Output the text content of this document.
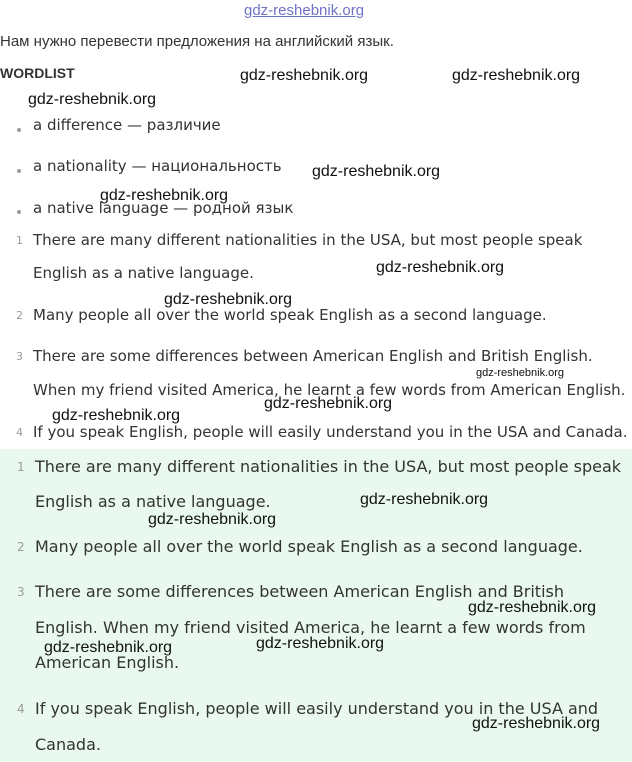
gdz-reshebnik.org
Нам нужно перевести предложения на английский язык.
WORDLIST
a difference — различие
a nationality — национальность
a native language — родной язык
1 There are many different nationalities in the USA, but most people speak
English as a native language.
2 Many people all over the world speak English as a second language.
3 There are some differences between American English and British English.
When my friend visited America, he learnt a few words from American English.
4 If you speak English, people will easily understand you in the USA and Canada.
1 There are many different nationalities in the USA, but most people speak
English as a native language.
2 Many people all over the world speak English as a second language.
3 There are some differences between American English and British
English. When my friend visited America, he learnt a few words from
American English.
4 If you speak English, people will easily understand you in the USA and
Canada.
gdz-reshebnik.org	gdz-reshebnik.org
gdz-reshebnik.org
gdz-reshebnik.org
gdz-reshebnik.org
gdz-reshebnik.org
gdz-reshebnik.org
gdz-reshebnik.org
gdz-reshebnik.org
gdz-reshebnik.org
gdz-reshebnik.org
gdz-reshebnik.org
gdz-reshebnik.org
gdz-reshebnik.org
gdz-reshebnik.org
gdz-reshebnik.org
